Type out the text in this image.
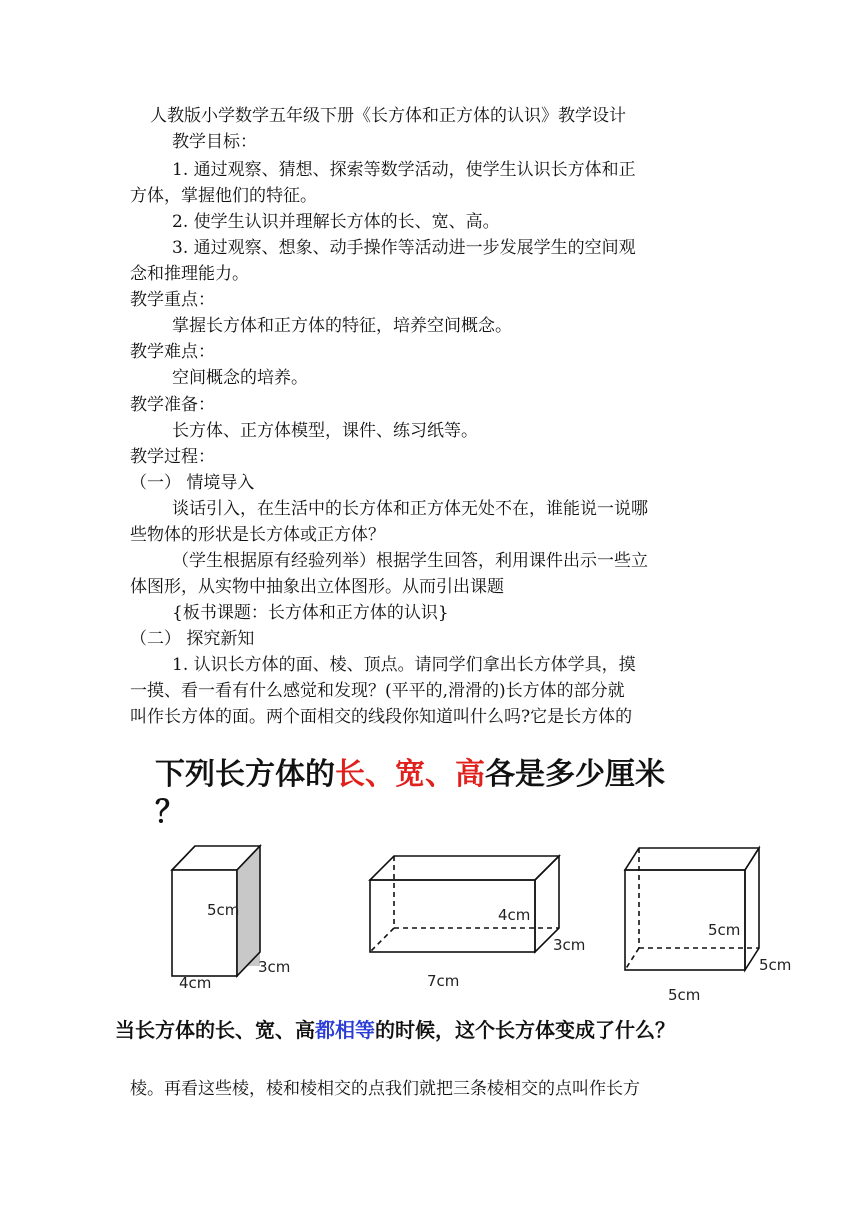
人教版小学数学五年级下册《长方体和正方体的认识》教学设计
教学目标：
1. 通过观察、猜想、探索等数学活动，使学生认识长方体和正
方体，掌握他们的特征。
2. 使学生认识并理解长方体的长、宽、高。
3. 通过观察、想象、动手操作等活动进一步发展学生的空间观
念和推理能力。
教学重点：
掌握长方体和正方体的特征，培养空间概念。
教学难点：
空间概念的培养。
教学准备：
长方体、正方体模型，课件、练习纸等。
教学过程：
（一） 情境导入
谈话引入，在生活中的长方体和正方体无处不在，谁能说一说哪
些物体的形状是长方体或正方体？
（学生根据原有经验列举）根据学生回答，利用课件出示一些立
体图形，从实物中抽象出立体图形。从而引出课题
{板书课题：长方体和正方体的认识}
（二） 探究新知
1. 认识长方体的面、棱、顶点。请同学们拿出长方体学具，摸
一摸、看一看有什么感觉和发现？(平平的,滑滑的)长方体的部分就
叫作长方体的面。两个面相交的线段你知道叫什么吗?它是长方体的
下列长方体的长、宽、高各是多少厘米
？
5cm
3cm
4cm
4cm
3cm
7cm
5cm
5cm
5cm
当长方体的长、宽、高都相等的时候，这个长方体变成了什么？
棱。再看这些棱，棱和棱相交的点我们就把三条棱相交的点叫作长方
